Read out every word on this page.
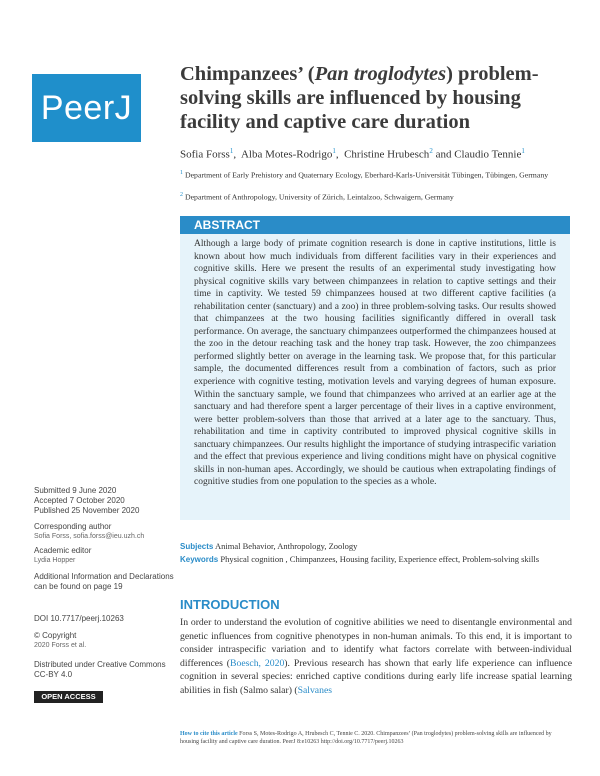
PeerJ
Chimpanzees’ (Pan troglodytes) problem-solving skills are influenced by housing facility and captive care duration
Sofia Forss$^1$,  Alba Motes-Rodrigo$^1$,  Christine Hrubesch$^2$ and Claudio Tennie$^1$
$^1$ Department of Early Prehistory and Quaternary Ecology, Eberhard-Karls-Universität Tübingen, Tübingen, Germany
$^2$ Department of Anthropology, University of Zürich, Leintalzoo, Schwaigern, Germany
ABSTRACT
Although a large body of primate cognition research is done in captive institutions, little is known about how much individuals from different facilities vary in their experiences and cognitive skills. Here we present the results of an experimental study investigating how physical cognitive skills vary between chimpanzees in relation to captive settings and their time in captivity. We tested 59 chimpanzees housed at two different captive facilities (a rehabilitation center (sanctuary) and a zoo) in three problem-solving tasks. Our results showed that chimpanzees at the two housing facilities significantly differed in overall task performance. On average, the sanctuary chimpanzees outperformed the chimpanzees housed at the zoo in the detour reaching task and the honey trap task. However, the zoo chimpanzees performed slightly better on average in the learning task. We propose that, for this particular sample, the documented differences result from a combination of factors, such as prior experience with cognitive testing, motivation levels and varying degrees of human exposure. Within the sanctuary sample, we found that chimpanzees who arrived at an earlier age at the sanctuary and had therefore spent a larger percentage of their lives in a captive environment, were better problem-solvers than those that arrived at a later age to the sanctuary. Thus, rehabilitation and time in captivity contributed to improved physical cognitive skills in sanctuary chimpanzees. Our results highlight the importance of studying intraspecific variation and the effect that previous experience and living conditions might have on physical cognitive skills in non-human apes. Accordingly, we should be cautious when extrapolating findings of cognitive studies from one population to the species as a whole.
Subjects Animal Behavior, Anthropology, Zoology
Keywords Physical cognition , Chimpanzees, Housing facility, Experience effect, Problem-solving skills
Submitted 9 June 2020
Accepted 7 October 2020
Published 25 November 2020
Corresponding author
Sofia Forss, sofia.forss@ieu.uzh.ch
Academic editor
Lydia Hopper
Additional Information and Declarations can be found on page 19
DOI 10.7717/peerj.10263
© Copyright
2020 Forss et al.
Distributed under Creative Commons CC-BY 4.0
OPEN ACCESS
INTRODUCTION
In order to understand the evolution of cognitive abilities we need to disentangle environmental and genetic influences from cognitive phenotypes in non-human animals. To this end, it is important to consider intraspecific variation and to identify what factors correlate with between-individual differences (Boesch, 2020). Previous research has shown that early life experience can influence cognition in several species: enriched captive conditions during early life increase spatial learning abilities in fish (Salmo salar) (Salvanes
How to cite this article Forss S, Motes-Rodrigo A, Hrubesch C, Tennie C. 2020. Chimpanzees’ (Pan troglodytes) problem-solving skills are influenced by housing facility and captive care duration. PeerJ 8:e10263 http://doi.org/10.7717/peerj.10263
